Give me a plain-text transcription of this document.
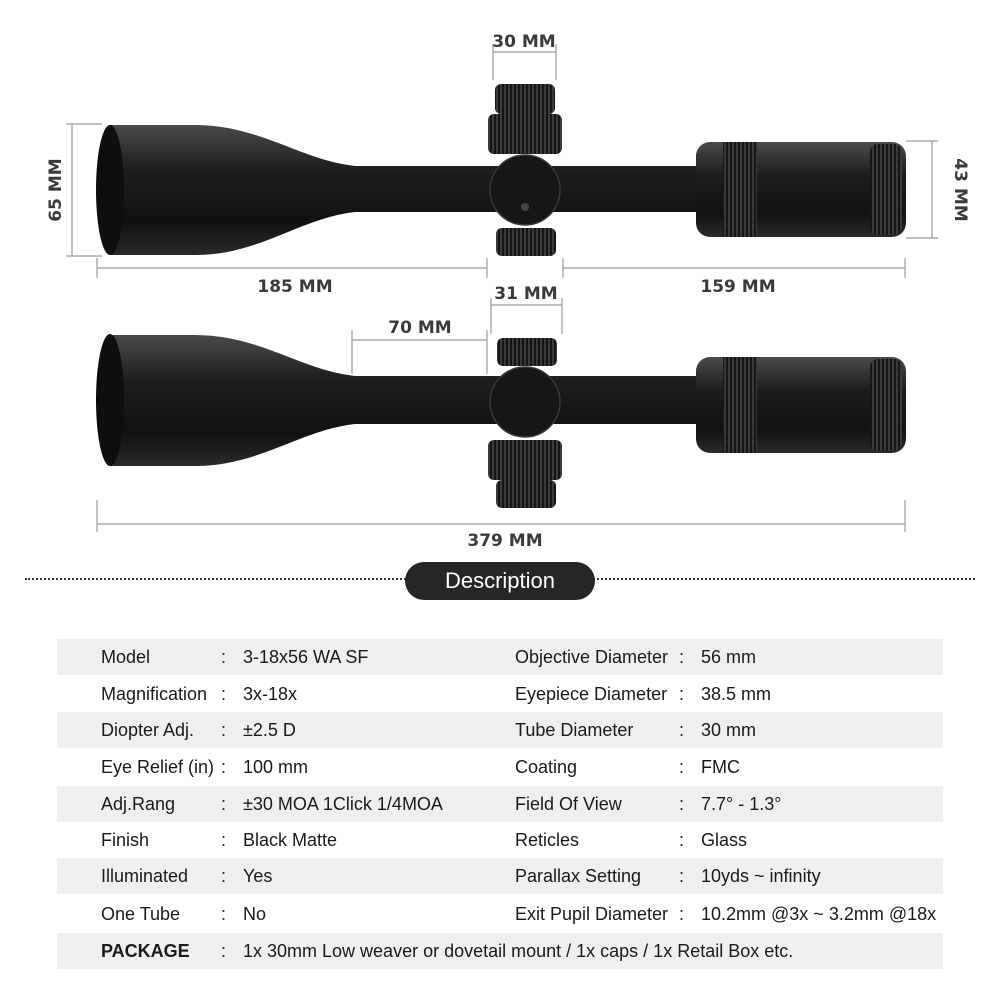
30 MM
65 MM	43 MM
185 MM	159 MM
31 MM
70 MM
379 MM
Description
Model	: 3-18x56 WA SF	Objective Diameter : 56 mm
Magnification : 3x-18x	Eyepiece Diameter : 38.5 mm
Diopter Adj. : ±2.5 D	Tube Diameter	: 30 mm
Eye Relief (in) : 100 mm	Coating	: FMC
Adj.Rang	: ±30 MOA 1Click 1/4MOA	Field Of View	: 7.7° - 1.3°
Finish	: Black Matte	Reticles	: Glass
Illuminated : Yes	Parallax Setting : 10yds ~ infinity
One Tube : No	Exit Pupil Diameter : 10.2mm @3x ~ 3.2mm @18x
PACKAGE : 1x 30mm Low weaver or dovetail mount / 1x caps / 1x Retail Box etc.
